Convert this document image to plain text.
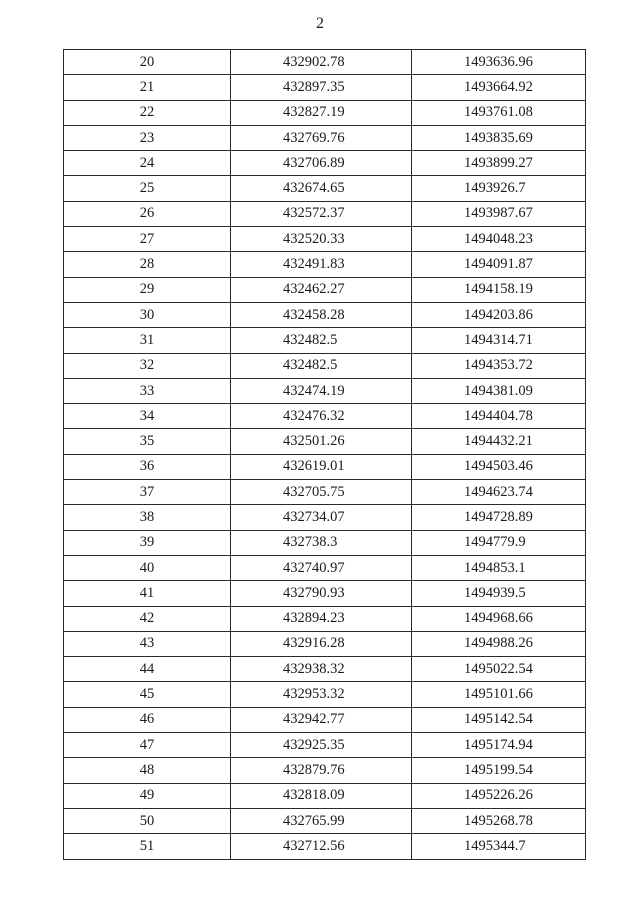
2
20	432902.78	1493636.96
21	432897.35	1493664.92
22	432827.19	1493761.08
23	432769.76	1493835.69
24	432706.89	1493899.27
25	432674.65	1493926.7
26	432572.37	1493987.67
27	432520.33	1494048.23
28	432491.83	1494091.87
29	432462.27	1494158.19
30	432458.28	1494203.86
31	432482.5	1494314.71
32	432482.5	1494353.72
33	432474.19	1494381.09
34	432476.32	1494404.78
35	432501.26	1494432.21
36	432619.01	1494503.46
37	432705.75	1494623.74
38	432734.07	1494728.89
39	432738.3	1494779.9
40	432740.97	1494853.1
41	432790.93	1494939.5
42	432894.23	1494968.66
43	432916.28	1494988.26
44	432938.32	1495022.54
45	432953.32	1495101.66
46	432942.77	1495142.54
47	432925.35	1495174.94
48	432879.76	1495199.54
49	432818.09	1495226.26
50	432765.99	1495268.78
51	432712.56	1495344.7
